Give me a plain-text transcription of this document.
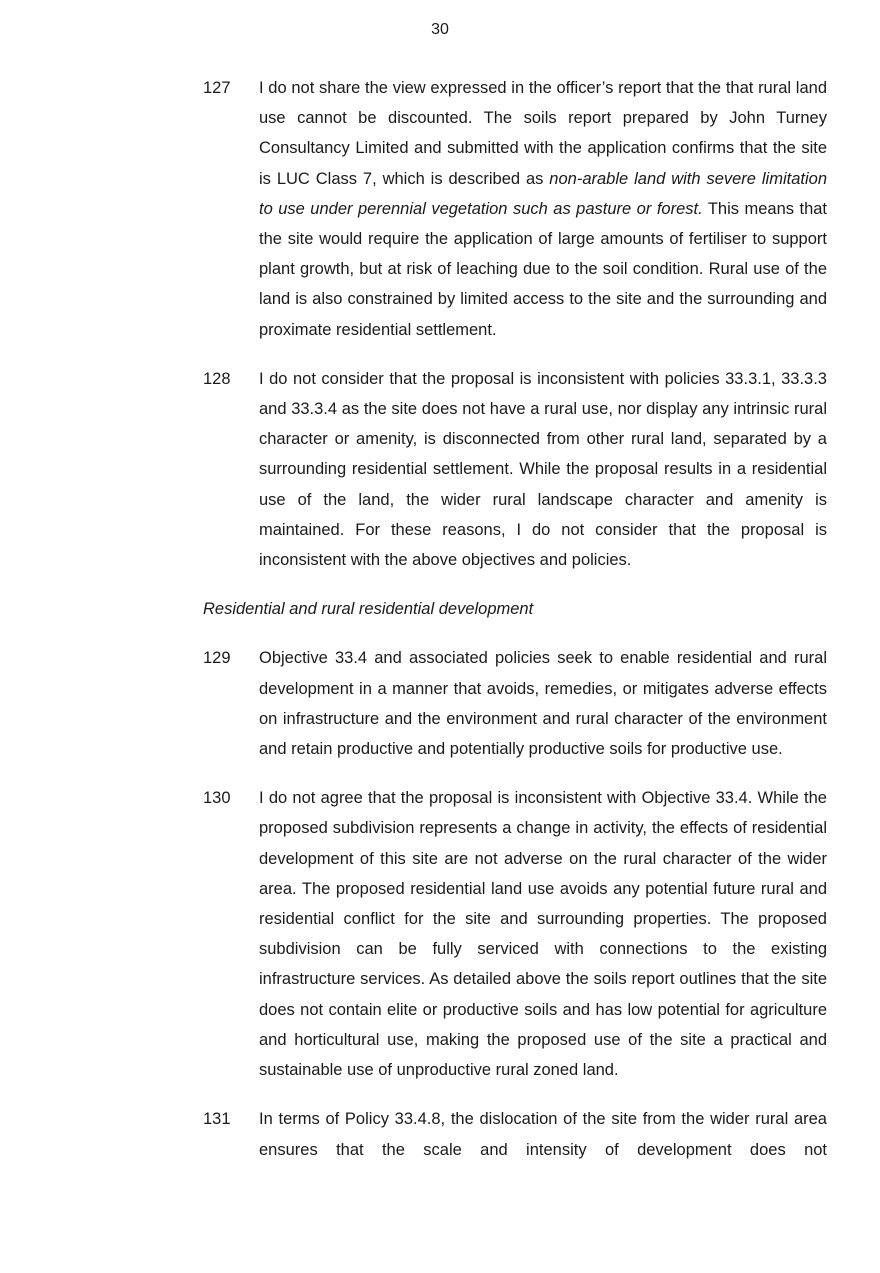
30
127	I do not share the view expressed in the officer’s report that the that rural land use cannot be discounted. The soils report prepared by John Turney Consultancy Limited and submitted with the application confirms that the site is LUC Class 7, which is described as non-arable land with severe limitation to use under perennial vegetation such as pasture or forest. This means that the site would require the application of large amounts of fertiliser to support plant growth, but at risk of leaching due to the soil condition. Rural use of the land is also constrained by limited access to the site and the surrounding and proximate residential settlement.
128	I do not consider that the proposal is inconsistent with policies 33.3.1, 33.3.3 and 33.3.4 as the site does not have a rural use, nor display any intrinsic rural character or amenity, is disconnected from other rural land, separated by a surrounding residential settlement. While the proposal results in a residential use of the land, the wider rural landscape character and amenity is maintained. For these reasons, I do not consider that the proposal is inconsistent with the above objectives and policies.
Residential and rural residential development
129	Objective 33.4 and associated policies seek to enable residential and rural development in a manner that avoids, remedies, or mitigates adverse effects on infrastructure and the environment and rural character of the environment and retain productive and potentially productive soils for productive use.
130	I do not agree that the proposal is inconsistent with Objective 33.4. While the proposed subdivision represents a change in activity, the effects of residential development of this site are not adverse on the rural character of the wider area. The proposed residential land use avoids any potential future rural and residential conflict for the site and surrounding properties. The proposed subdivision can be fully serviced with connections to the existing infrastructure services. As detailed above the soils report outlines that the site does not contain elite or productive soils and has low potential for agriculture and horticultural use, making the proposed use of the site a practical and sustainable use of unproductive rural zoned land.
131	In terms of Policy 33.4.8, the dislocation of the site from the wider rural area ensures that the scale and intensity of development does not
